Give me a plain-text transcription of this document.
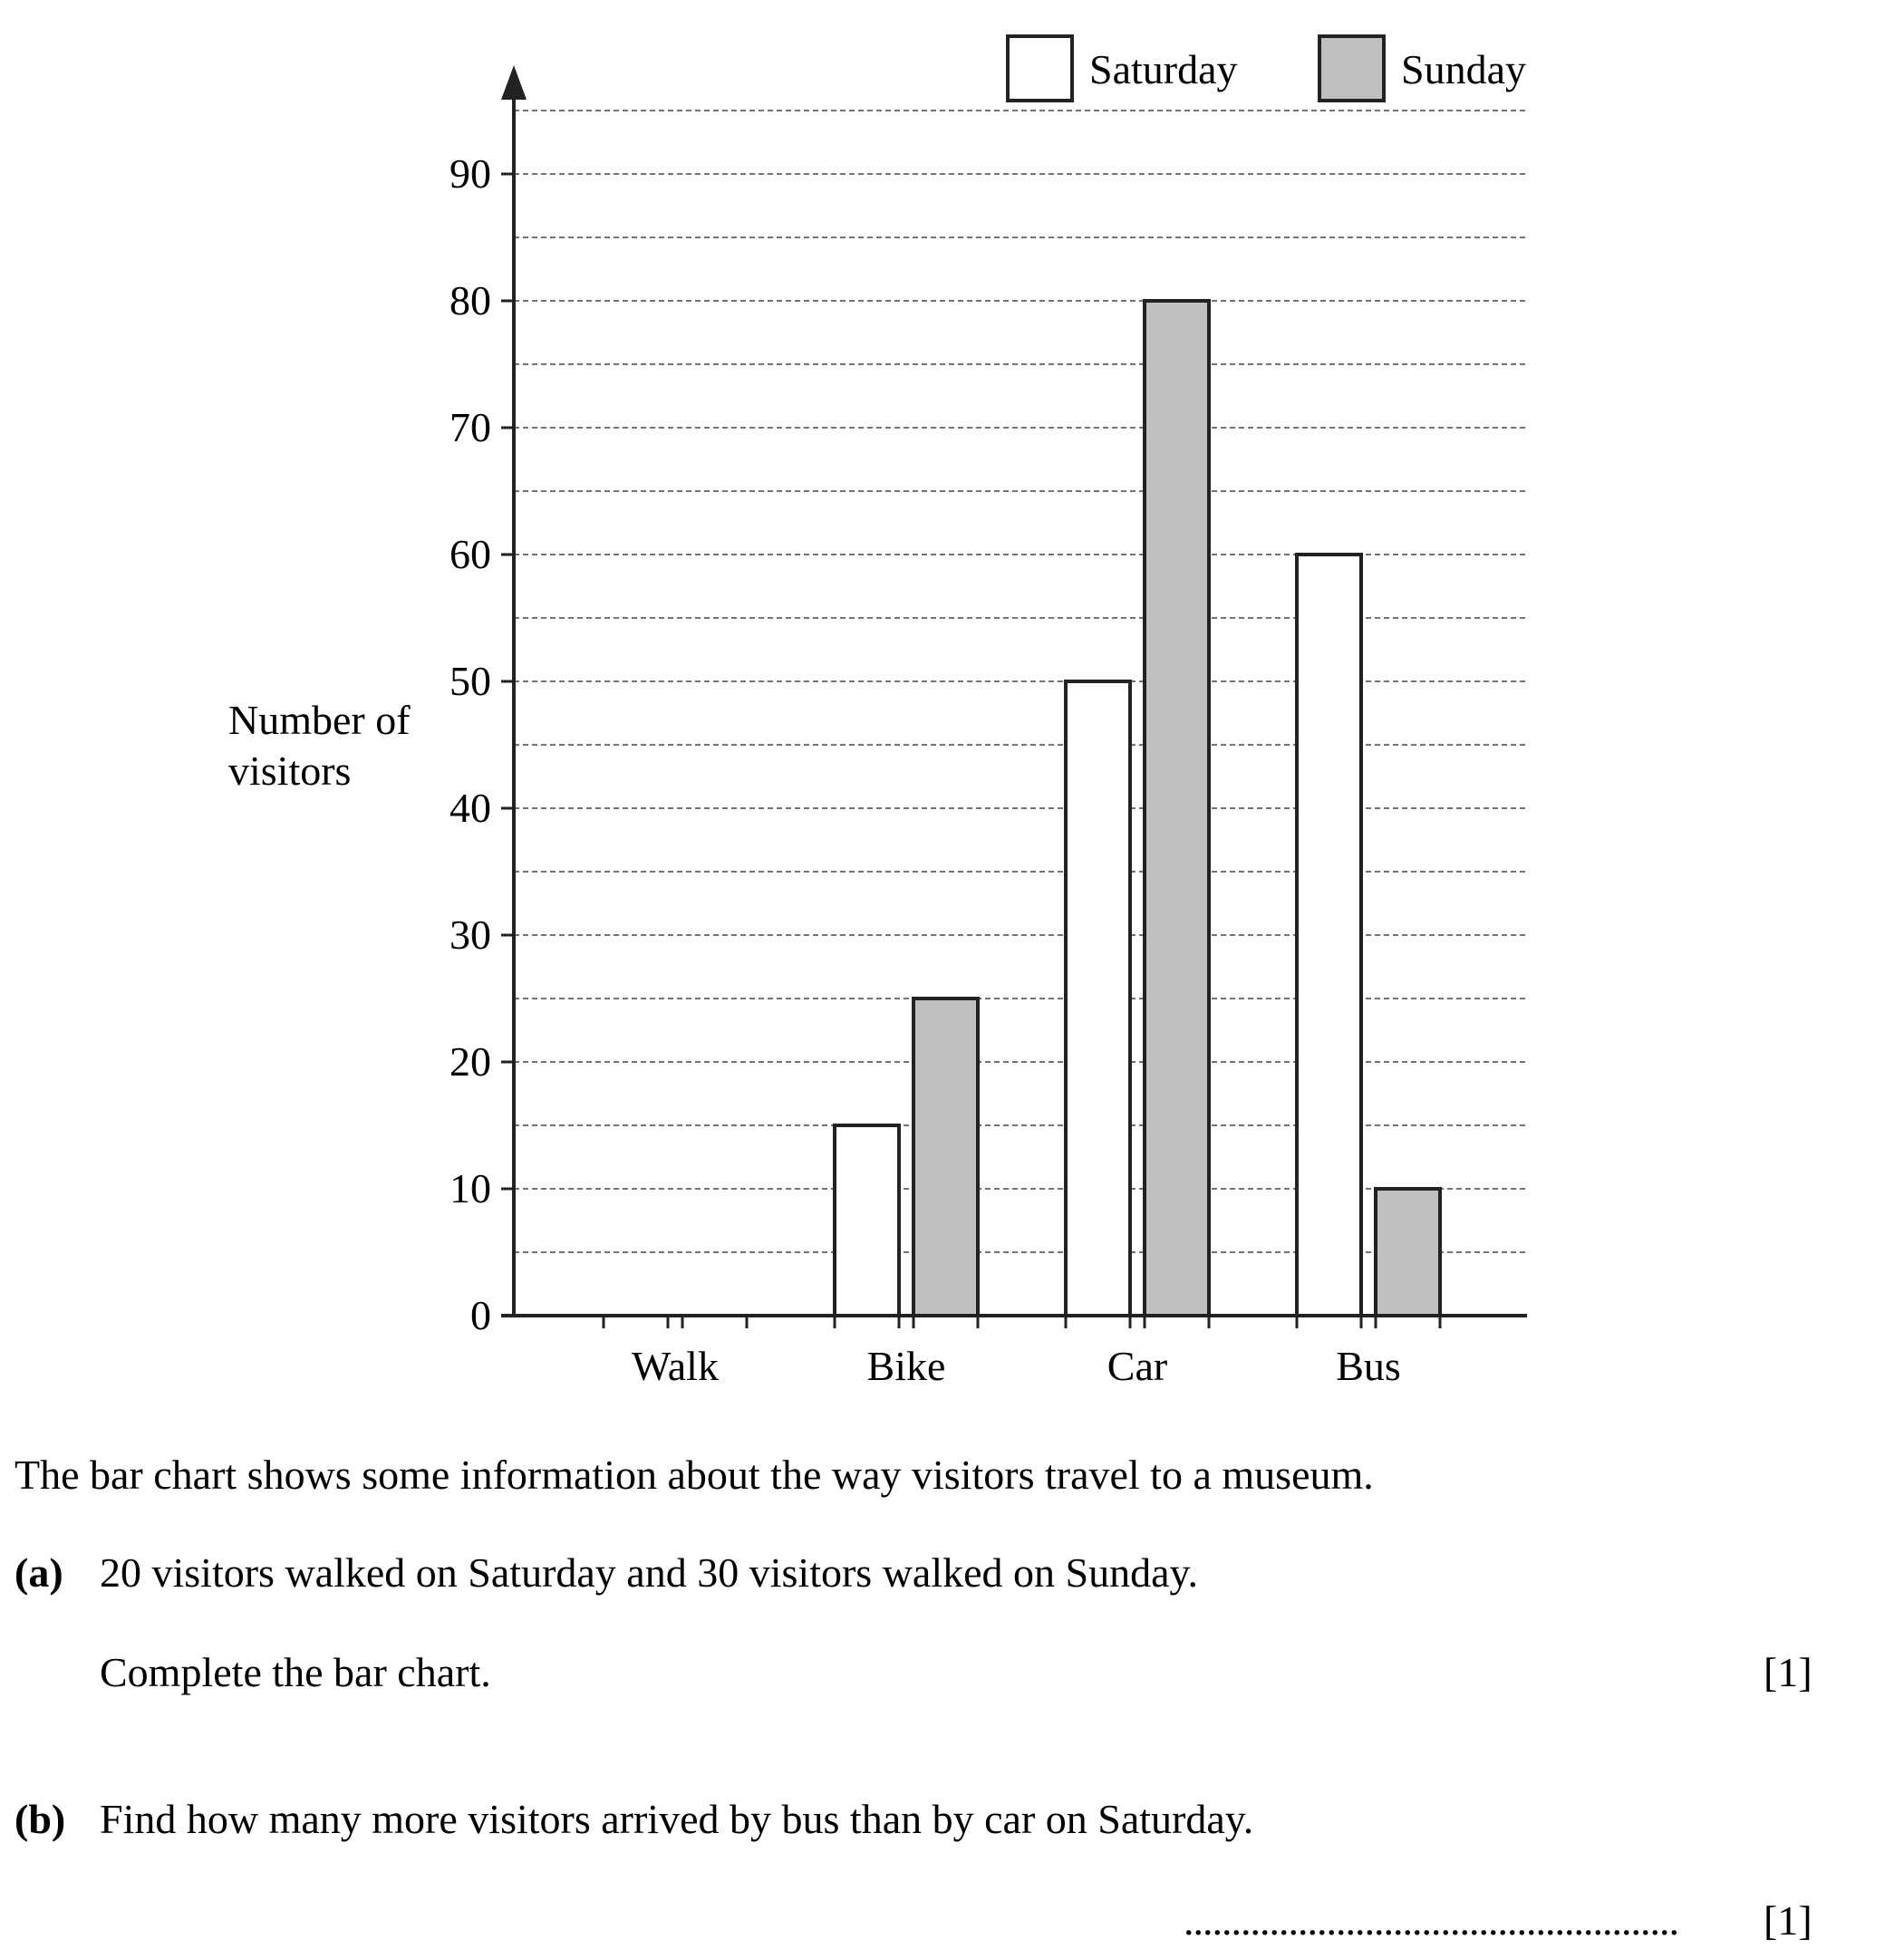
0
10
20
30
40
50
60
70
80
90
Walk	Bike	Car	Bus
Number of
visitors
Saturday	Sunday
The bar chart shows some information about the way visitors travel to a museum.
(a) 20 visitors walked on Saturday and 30 visitors walked on Sunday.
Complete the bar chart.	[1]
(b) Find how many more visitors arrived by bus than by car on Saturday.
.................................................... [1]
